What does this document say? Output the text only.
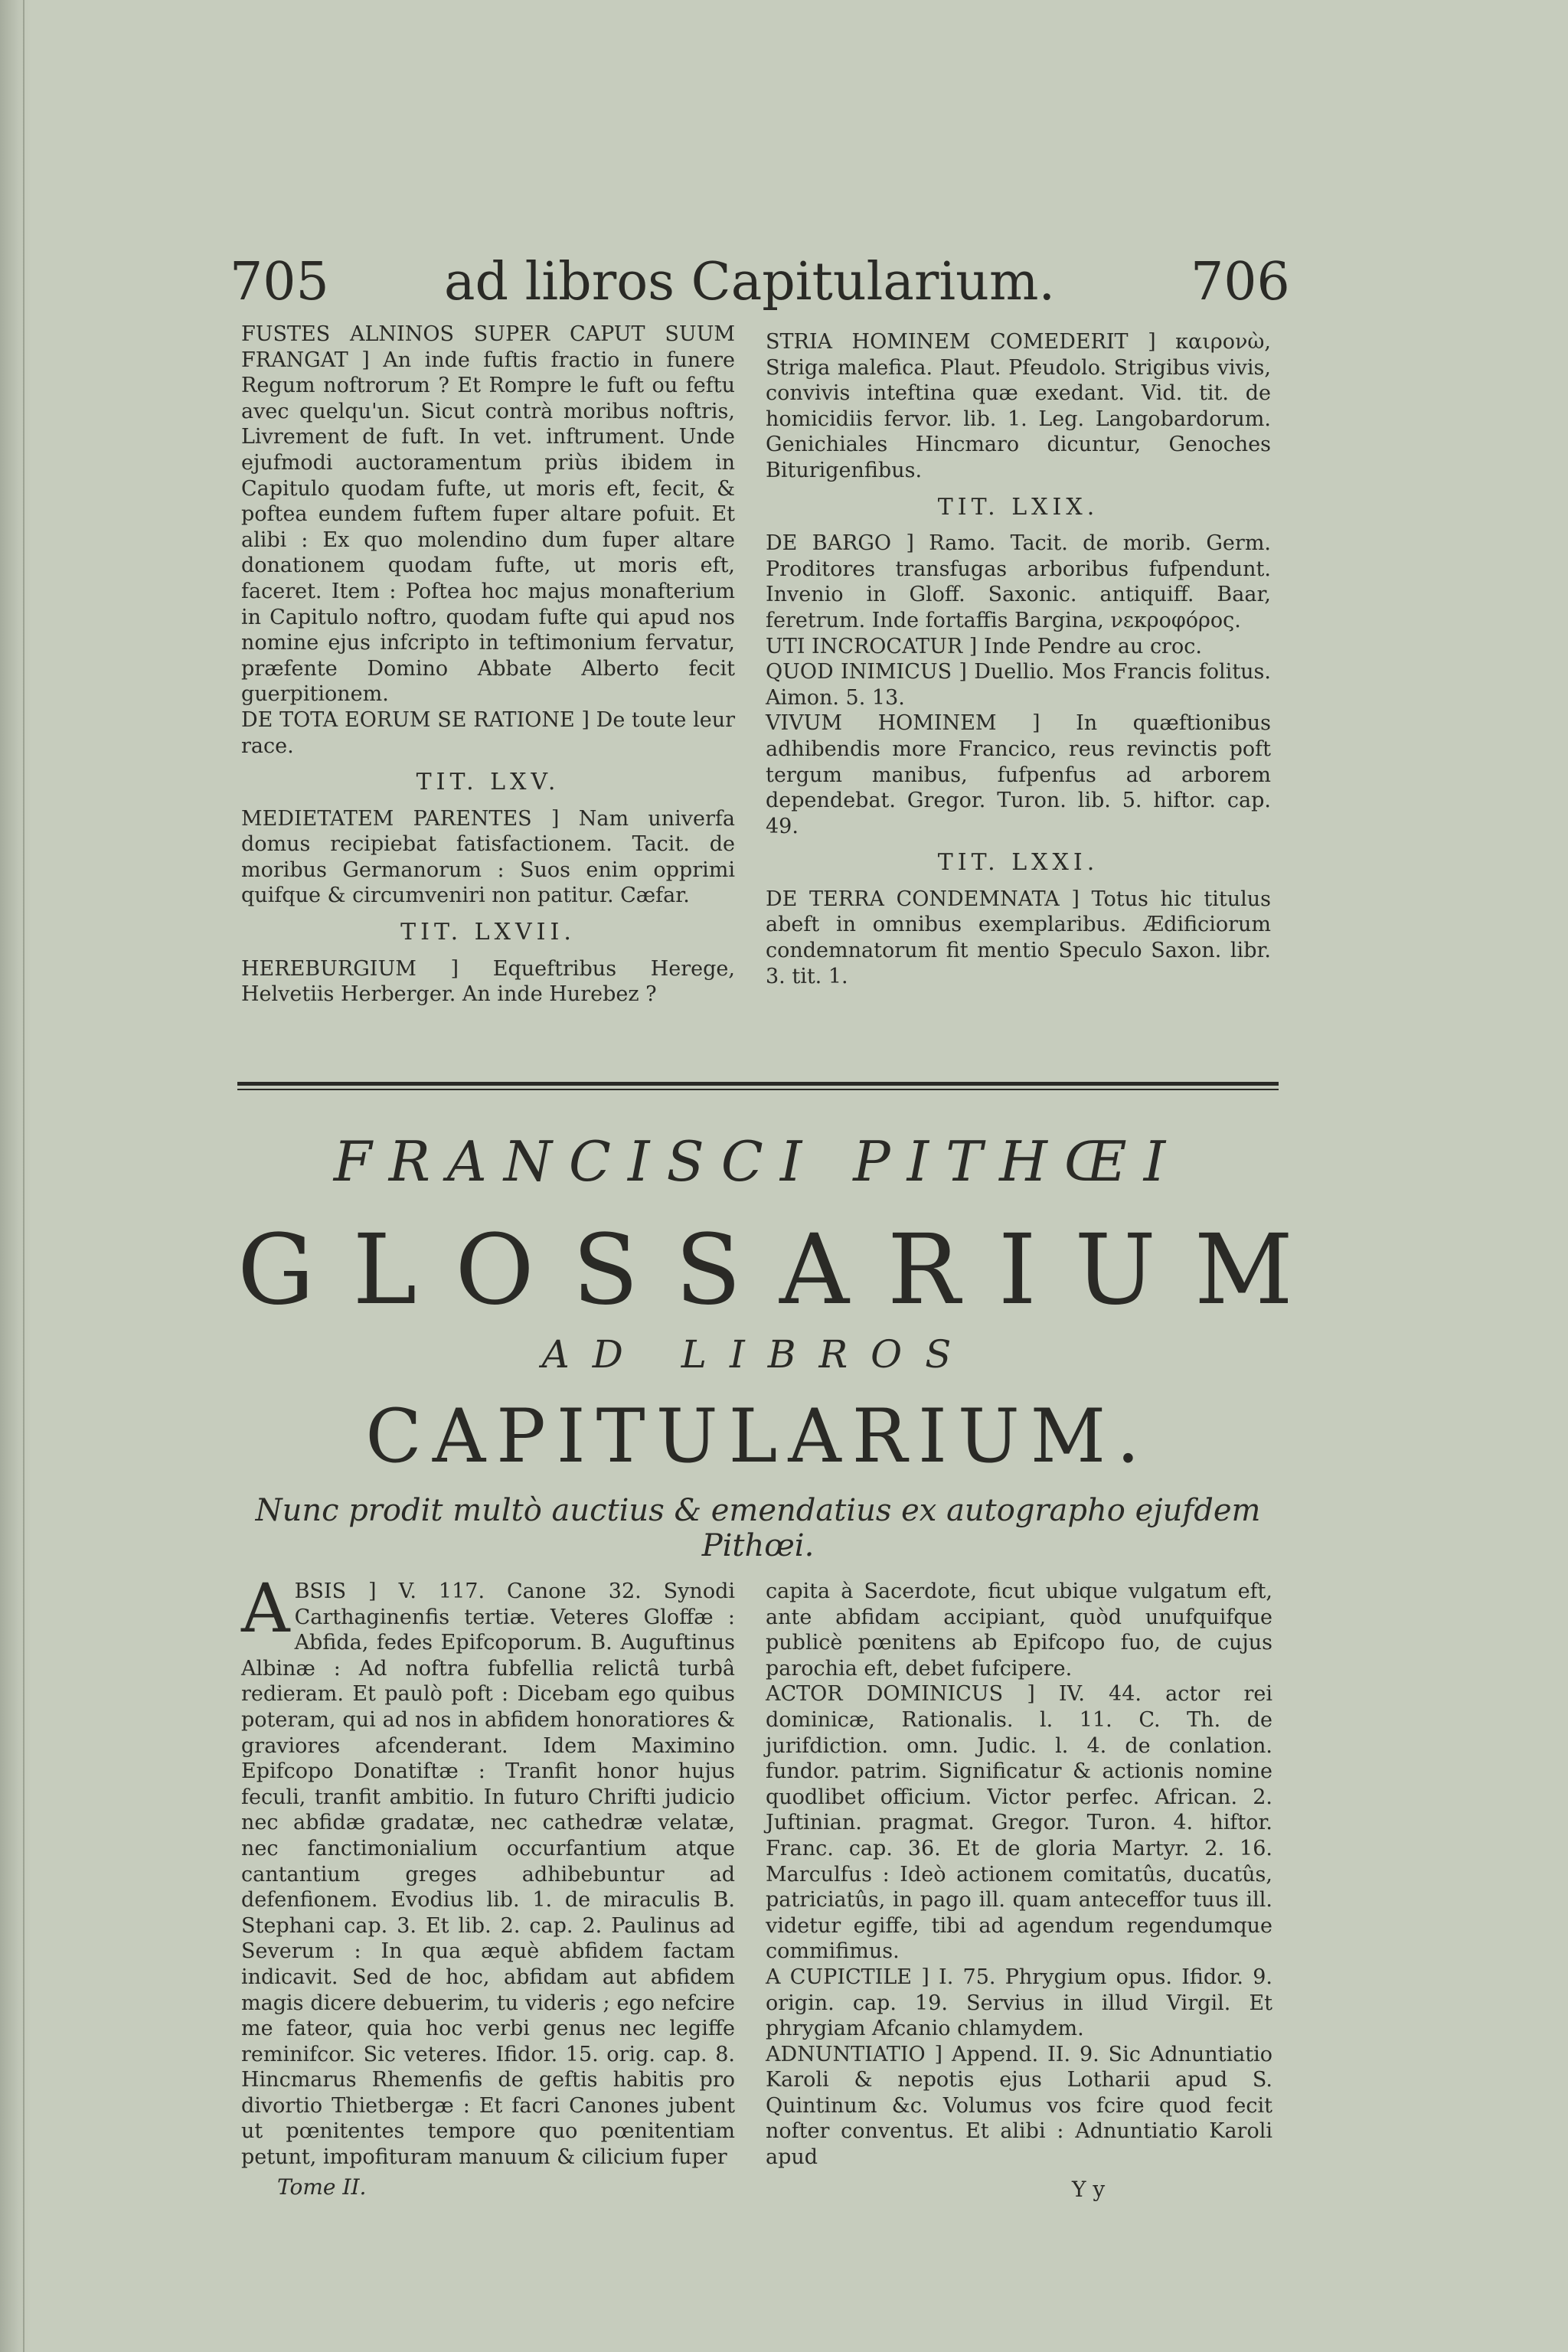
705 ad libros Capitularium.	706

FUSTES ALNINOS SUPER CAPUT SUUM FRANGAT ] An inde fuftis fractio in funere Regum noftrorum ? Et Rompre le fuft ou feftu avec quelqu'un. Sicut contrà moribus noftris, Livrement de fuft. In vet. inftrument. Unde ejufmodi auctoramentum priùs ibidem in Capitulo quodam fufte, ut moris eft, fecit, & poftea eundem fuftem fuper altare pofuit. Et alibi : Ex quo molendino dum fuper altare donationem quodam fufte, ut moris eft, faceret. Item : Poftea hoc majus monafterium in Capitulo noftro, quodam fufte qui apud nos nomine ejus infcripto in teftimonium fervatur, præfente Domino Abbate Alberto fecit guerpitionem.

DE TOTA EORUM SE RATIONE ] De toute leur race.

TIT. LXV.

MEDIETATEM PARENTES ] Nam univerfa domus recipiebat fatisfactionem. Tacit. de moribus Germanorum : Suos enim opprimi quifque & circumveniri non patitur. Cæfar.

TIT. LXVII.

HEREBURGIUM ] Equeftribus Herege, Helvetiis Herberger. An inde Hurebez ?

STRIA HOMINEM COMEDERIT ] καιρονὼ, Striga malefica. Plaut. Pfeudolo. Strigibus vivis, convivis inteftina quæ exedant. Vid. tit. de homicidiis fervor. lib. 1. Leg. Langobardorum. Genichiales Hincmaro dicuntur, Genoches Biturigenfibus.

TIT. LXIX.

DE BARGO ] Ramo. Tacit. de morib. Germ. Proditores transfugas arboribus fufpendunt. Invenio in Gloff. Saxonic. antiquiff. Baar, feretrum. Inde fortaffis Bargina, νεκροφόρος.

UTI INCROCATUR ] Inde Pendre au croc.

QUOD INIMICUS ] Duellio. Mos Francis folitus. Aimon. 5. 13.

VIVUM HOMINEM ] In quæftionibus adhibendis more Francico, reus revinctis poft tergum manibus, fufpenfus ad arborem dependebat. Gregor. Turon. lib. 5. hiftor. cap. 49.

TIT. LXXI.

DE TERRA CONDEMNATA ] Totus hic titulus abeft in omnibus exemplaribus. Ædificiorum condemnatorum fit mentio Speculo Saxon. libr. 3. tit. 1.

FRANCISCI PITHŒI
GLOSSARIUM
AD LIBROS
CAPITULARIUM.
Nunc prodit multò auctius & emendatius ex autographo ejufdem Pithœi.
A BSIS ] V. 117. Canone 32. Synodi Carthaginenfis tertiæ. Veteres Gloffæ : Abfida, fedes Epifcoporum. B. Auguftinus Albinæ : Ad noftra fubfellia relictâ turbâ redieram. Et paulò poft : Dicebam ego quibus poteram, qui ad nos in abfidem honoratiores & graviores afcenderant. Idem Maximino Epifcopo Donatiftæ : Tranfit honor hujus feculi, tranfit ambitio. In futuro Chrifti judicio nec abfidæ gradatæ, nec cathedræ velatæ, nec fanctimonialium occurfantium atque cantantium greges adhibebuntur ad defenfionem. Evodius lib. 1. de miraculis B. Stephani cap. 3. Et lib. 2. cap. 2. Paulinus ad Severum : In qua æquè abfidem factam indicavit. Sed de hoc, abfidam aut abfidem magis dicere debuerim, tu videris ; ego nefcire me fateor, quia hoc verbi genus nec legiffe reminifcor. Sic veteres. Ifidor. 15. orig. cap. 8. Hincmarus Rhemenfis de geftis habitis pro divortio Thietbergæ : Et facri Canones jubent ut pœnitentes tempore quo pœnitentiam petunt, impofituram manuum & cilicium fuper

capita à Sacerdote, ficut ubique vulgatum eft, ante abfidam accipiant, quòd unufquifque publicè pœnitens ab Epifcopo fuo, de cujus parochia eft, debet fufcipere.

ACTOR DOMINICUS ] IV. 44. actor rei dominicæ, Rationalis. l. 11. C. Th. de jurifdiction. omn. Judic. l. 4. de conlation. fundor. patrim. Significatur & actionis nomine quodlibet officium. Victor perfec. African. 2. Juftinian. pragmat. Gregor. Turon. 4. hiftor. Franc. cap. 36. Et de gloria Martyr. 2. 16. Marculfus : Ideò actionem comitatûs, ducatûs, patriciatûs, in pago ill. quam anteceffor tuus ill. videtur egiffe, tibi ad agendum regendumque commifimus.

A CUPICTILE ] I. 75. Phrygium opus. Ifidor. 9. origin. cap. 19. Servius in illud Virgil. Et phrygiam Afcanio chlamydem.

ADNUNTIATIO ] Append. II. 9. Sic Adnuntiatio Karoli & nepotis ejus Lotharii apud S. Quintinum &c. Volumus vos fcire quod fecit nofter conventus. Et alibi : Adnuntiatio Karoli apud

Tome II.	Y y
